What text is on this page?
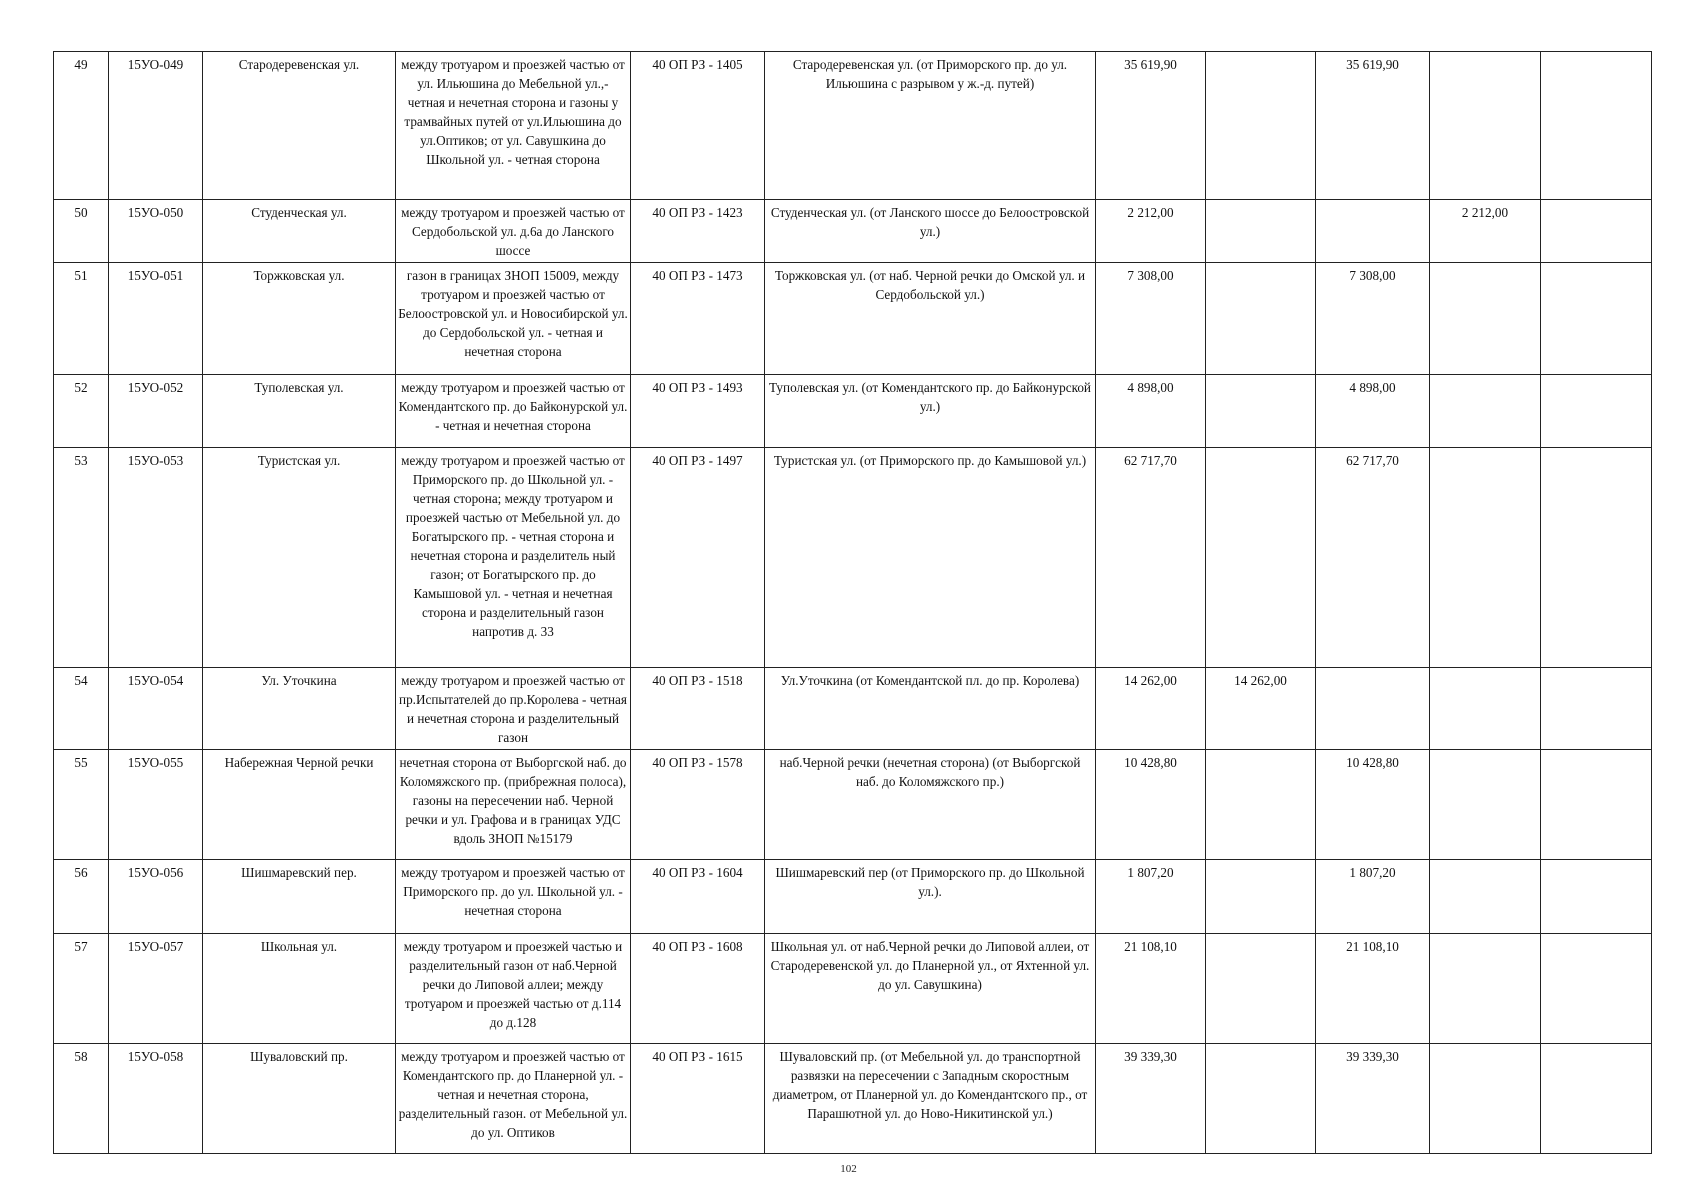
49	15УО-049	Стародеревенская ул.	между тротуаром и проезжей частью от ул. Ильюшина до Мебельной ул.,- четная и нечетная сторона и газоны у трамвайных путей от ул.Ильюшина до ул.Оптиков; от ул. Савушкина до Школьной ул. - четная сторона	40 ОП РЗ - 1405	Стародеревенская ул. (от Приморского пр. до ул. Ильюшина с разрывом у ж.-д. путей)	35 619,90		35 619,90		
50	15УО-050	Студенческая ул.	между тротуаром и проезжей частью от Сердобольской ул. д.6а до Ланского шоссе	40 ОП РЗ - 1423	Студенческая ул. (от Ланского шоссе до Белоостровской ул.)	2 212,00			2 212,00	
51	15УО-051	Торжковская ул.	газон в границах ЗНОП 15009, между тротуаром и проезжей частью от Белоостровской ул. и Новосибирской ул. до Сердобольской ул. - четная и нечетная сторона	40 ОП РЗ - 1473	Торжковская ул. (от наб. Черной речки до Омской ул. и Сердобольской ул.)	7 308,00		7 308,00		
52	15УО-052	Туполевская ул.	между тротуаром и проезжей частью от Комендантского пр. до Байконурской ул. - четная и нечетная сторона	40 ОП РЗ - 1493	Туполевская ул. (от Комендантского пр. до Байконурской ул.)	4 898,00		4 898,00		
53	15УО-053	Туристская ул.	между тротуаром и проезжей частью от Приморского пр. до Школьной ул. - четная сторона; между тротуаром и проезжей частью от Мебельной ул. до Богатырского пр. - четная сторона и нечетная сторона и разделитель ный газон; от Богатырского пр. до Камышовой ул. - четная и нечетная сторона и разделительный газон напротив д. 33	40 ОП РЗ - 1497	Туристская ул. (от Приморского пр. до Камышовой ул.)	62 717,70		62 717,70		
54	15УО-054	Ул. Уточкина	между тротуаром и проезжей частью от пр.Испытателей до пр.Королева - четная и нечетная сторона и разделительный газон	40 ОП РЗ - 1518	Ул.Уточкина (от Комендантской пл. до пр. Королева)	14 262,00	14 262,00			
55	15УО-055	Набережная Черной речки	нечетная сторона от Выборгской наб. до Коломяжского пр. (прибрежная полоса), газоны на пересечении наб. Черной речки и ул. Графова и в границах УДС вдоль ЗНОП №15179	40 ОП РЗ - 1578	наб.Черной речки (нечетная сторона) (от Выборгской наб. до Коломяжского пр.)	10 428,80		10 428,80		
56	15УО-056	Шишмаревский пер.	между тротуаром и проезжей частью от Приморского пр. до ул. Школьной ул. - нечетная сторона	40 ОП РЗ - 1604	Шишмаревский пер (от Приморского пр. до Школьной ул.).	1 807,20		1 807,20		
57	15УО-057	Школьная ул.	между тротуаром и проезжей частью и разделительный газон от наб.Черной речки до Липовой аллеи; между тротуаром и проезжей частью от д.114 до д.128	40 ОП РЗ - 1608	Школьная ул. от наб.Черной речки до Липовой аллеи, от Стародеревенской ул. до Планерной ул., от Яхтенной ул. до ул. Савушкина)	21 108,10		21 108,10		
58	15УО-058	Шуваловский пр.	между тротуаром и проезжей частью от Комендантского пр. до Планерной ул. - четная и нечетная сторона, разделительный газон. от Мебельной ул. до ул. Оптиков	40 ОП РЗ - 1615	Шуваловский пр. (от Мебельной ул. до транспортной развязки на пересечении с Западным скоростным диаметром, от Планерной ул. до Комендантского пр., от Парашютной ул. до Ново-Никитинской ул.)	39 339,30		39 339,30		
102
